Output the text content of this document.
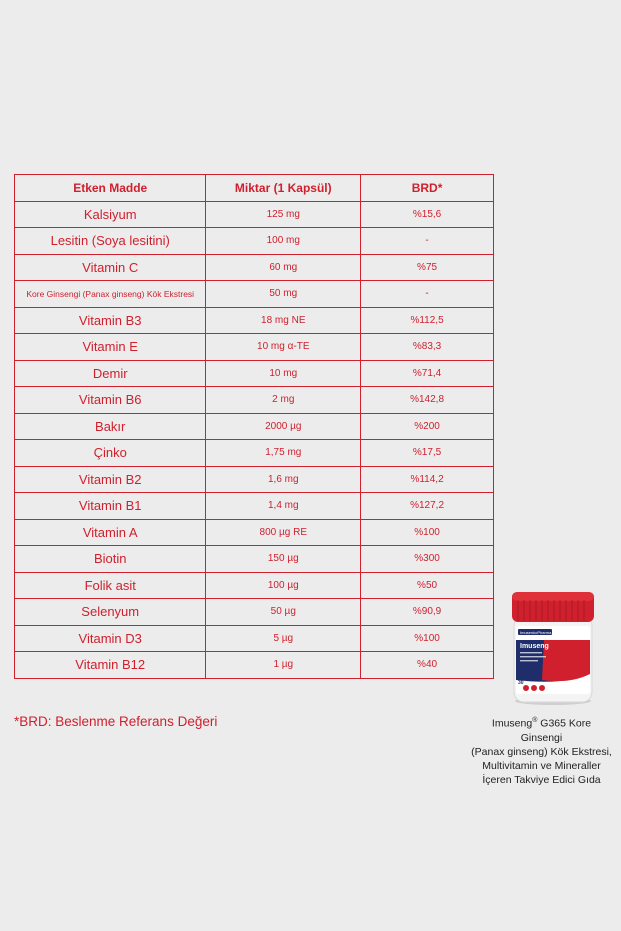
Etken Madde	Miktar (1 Kapsül)	BRD*
Kalsiyum	125 mg	%15,6
Lesitin (Soya lesitini)	100 mg	-
Vitamin C	60 mg	%75
Kore Ginsengi (Panax ginseng) Kök Ekstresi	50 mg	-
Vitamin B3	18 mg NE	%112,5
Vitamin E	10 mg α-TE	%83,3
Demir	10 mg	%71,4
Vitamin B6	2 mg	%142,8
Bakır	2000 µg	%200
Çinko	1,75 mg	%17,5
Vitamin B2	1,6 mg	%114,2
Vitamin B1	1,4 mg	%127,2
Vitamin A	800 µg RE	%100
Biotin	150 µg	%300
Folik asit	100 µg	%50
Selenyum	50 µg	%90,9
Vitamin D3	5 µg	%100
Vitamin B12	1 µg	%40
*BRD: Beslenme Referans Değeri
ImusenkoPharma
Imuseng
30
Imuseng® G365 Kore Ginsengi
(Panax ginseng) Kök Ekstresi,
Multivitamin ve Mineraller
İçeren Takviye Edici Gıda
